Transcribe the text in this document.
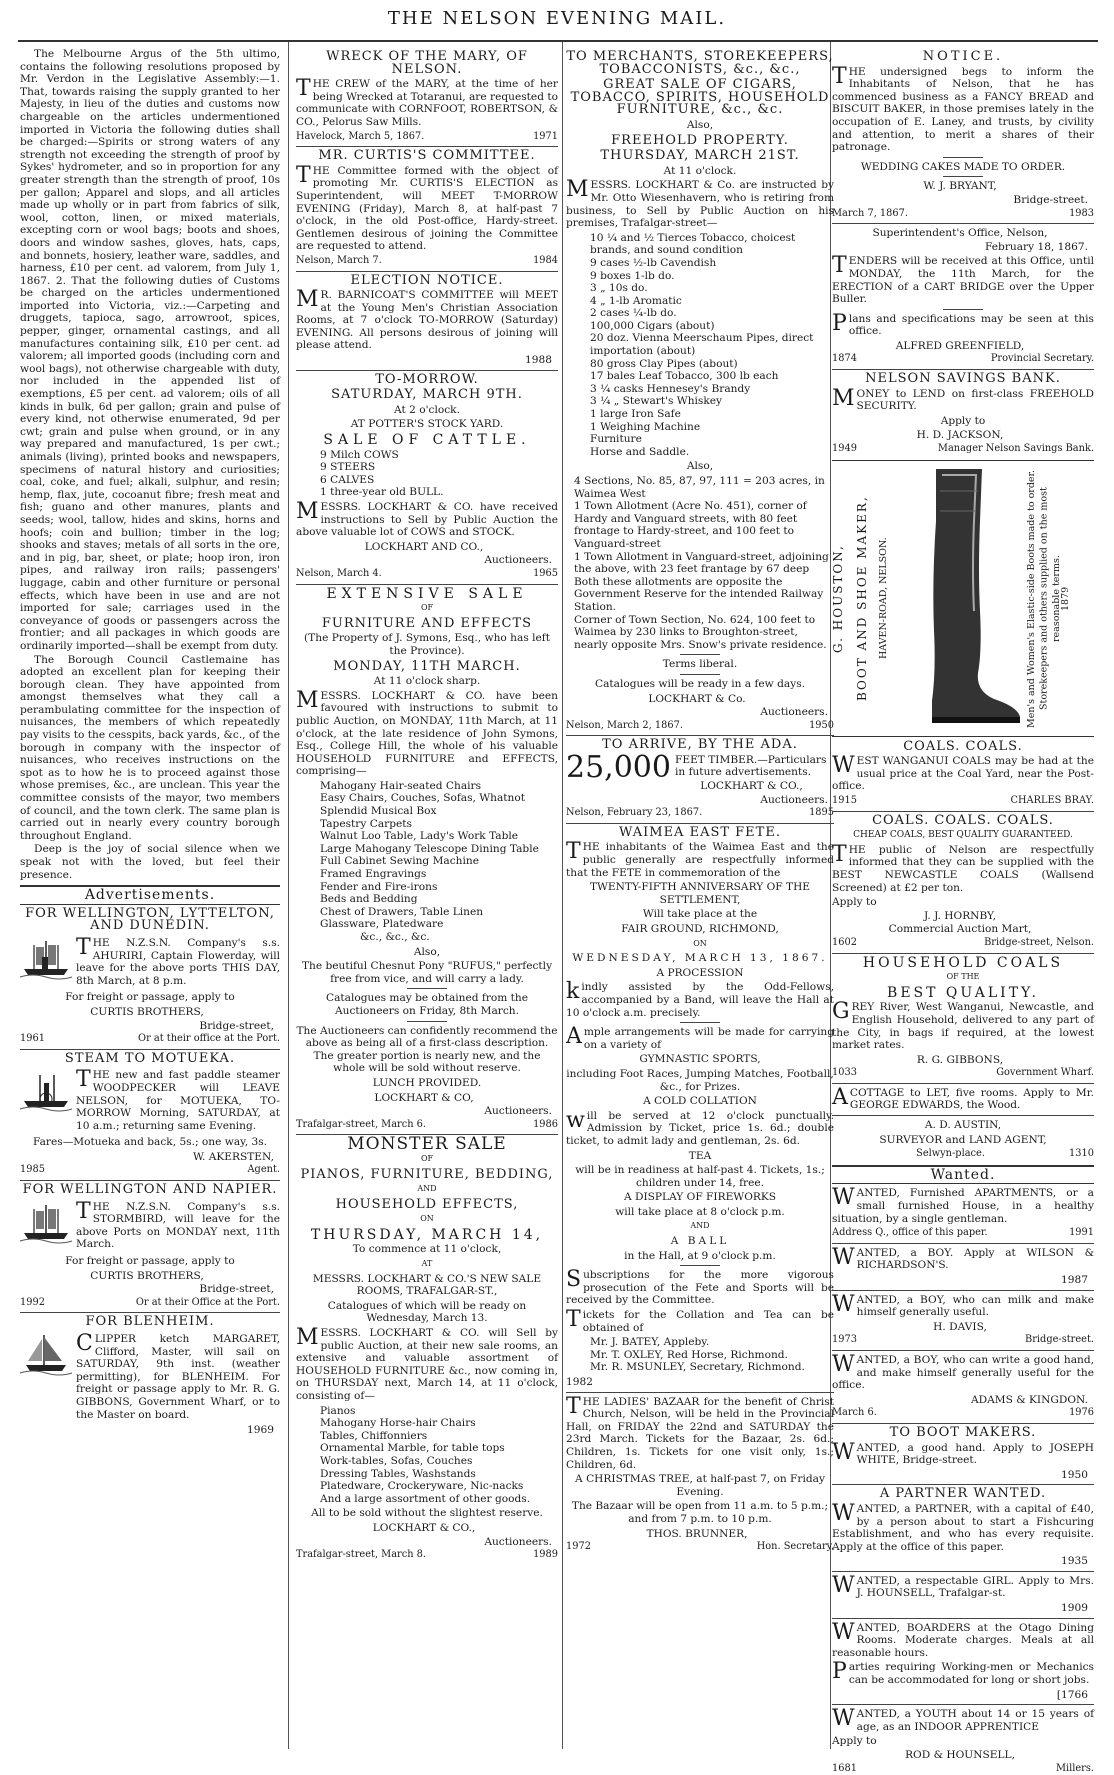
THE NELSON EVENING MAIL.

The Melbourne Argus of the 5th ultimo, contains the following resolutions proposed by Mr. Verdon in the Legislative Assembly:—1. That, towards raising the supply granted to her Majesty, in lieu of the duties and customs now chargeable on the articles undermentioned imported in Victoria the following duties shall be charged:—Spirits or strong waters of any strength not exceeding the strength of proof by Sykes' hydrometer, and so in proportion for any greater strength than the strength of proof, 10s per gallon; Apparel and slops, and all articles made up wholly or in part from fabrics of silk, wool, cotton, linen, or mixed materials, excepting corn or wool bags; boots and shoes, doors and window sashes, gloves, hats, caps, and bonnets, hosiery, leather ware, saddles, and harness, £10 per cent. ad valorem, from July 1, 1867. 2. That the following duties of Customs be charged on the articles undermentioned imported into Victoria, viz.:—Carpeting and druggets, tapioca, sago, arrowroot, spices, pepper, ginger, ornamental castings, and all manufactures containing silk, £10 per cent. ad valorem; all imported goods (including corn and wool bags), not otherwise chargeable with duty, nor included in the appended list of exemptions, £5 per cent. ad valorem; oils of all kinds in bulk, 6d per gallon; grain and pulse of every kind, not otherwise enumerated, 9d per cwt; grain and pulse when ground, or in any way prepared and manufactured, 1s per cwt.; animals (living), printed books and newspapers, specimens of natural history and curiosities; coal, coke, and fuel; alkali, sulphur, and resin; hemp, flax, jute, cocoanut fibre; fresh meat and fish; guano and other manures, plants and seeds; wool, tallow, hides and skins, horns and hoofs; coin and bullion; timber in the log; shooks and staves; metals of all sorts in the ore, and in pig, bar, sheet, or plate; hoop iron, iron pipes, and railway iron rails; passengers' luggage, cabin and other furniture or personal effects, which have been in use and are not imported for sale; carriages used in the conveyance of goods or passengers across the frontier; and all packages in which goods are ordinarily imported—shall be exempt from duty.

The Borough Council Castlemaine has adopted an excellent plan for keeping their borough clean. They have appointed from amongst themselves what they call a perambulating committee for the inspection of nuisances, the members of which repeatedly pay visits to the cesspits, back yards, &c., of the borough in company with the inspector of nuisances, who receives instructions on the spot as to how he is to proceed against those whose premises, &c., are unclean. This year the committee consists of the mayor, two members of council, and the town clerk. The same plan is carried out in nearly every country borough throughout England.

Deep is the joy of social silence when we speak not with the loved, but feel their presence.

Advertisements.
FOR WELLINGTON, LYTTELTON, AND DUNEDIN.
THE N.Z.S.N. Company's s.s. AHURIRI, Captain Flowerday, will leave for the above ports THIS DAY, 8th March, at 8 p.m.
For freight or passage, apply to
CURTIS BROTHERS,
Bridge-street,
1961	Or at their office at the Port.
STEAM TO MOTUEKA.
THE new and fast paddle steamer WOODPECKER will LEAVE NELSON, for MOTUEKA, TO-MORROW Morning, SATURDAY, at 10 a.m.; returning same Evening.
Fares—Motueka and back, 5s.; one way, 3s.
W. AKERSTEN,
1985	Agent.
FOR WELLINGTON AND NAPIER.
THE N.Z.S.N. Company's s.s. STORMBIRD, will leave for the above Ports on MONDAY next, 11th March.
For freight or passage, apply to
CURTIS BROTHERS,
Bridge-street,
1992	Or at their Office at the Port.
FOR BLENHEIM.
CLIPPER ketch MARGARET, Clifford, Master, will sail on SATURDAY, 9th inst. (weather permitting), for BLENHEIM. For freight or passage apply to Mr. R. G. GIBBONS, Government Wharf, or to the Master on board.
1969
WRECK OF THE MARY, OF NELSON.
THE CREW of the MARY, at the time of her being Wrecked at Totaranui, are requested to communicate with CORNFOOT, ROBERTSON, & CO., Pelorus Saw Mills.
Havelock, March 5, 1867.	1971
MR. CURTIS'S COMMITTEE.
THE Committee formed with the object of promoting Mr. CURTIS'S ELECTION as Superintendent, will MEET T-MORROW EVENING (Friday), March 8, at half-past 7 o'clock, in the old Post-office, Hardy-street. Gentlemen desirous of joining the Committee are requested to attend.
Nelson, March 7.	1984
ELECTION NOTICE.
MR. BARNICOAT'S COMMITTEE will MEET at the Young Men's Christian Association Rooms, at 7 o'clock TO-MORROW (Saturday) EVENING. All persons desirous of joining will please attend.
1988
TO-MORROW.
SATURDAY, MARCH 9TH.
At 2 o'clock.
AT POTTER'S STOCK YARD.
SALE OF CATTLE.
9 Milch COWS
9 STEERS
6 CALVES
1 three-year old BULL.
MESSRS. LOCKHART & CO. have received instructions to Sell by Public Auction the above valuable lot of COWS and STOCK.
LOCKHART AND CO.,
Auctioneers.
Nelson, March 4.	1965
EXTENSIVE SALE
OF
FURNITURE AND EFFECTS
(The Property of J. Symons, Esq., who has left the Province).
MONDAY, 11TH MARCH.
At 11 o'clock sharp.
MESSRS. LOCKHART & CO. have been favoured with instructions to submit to public Auction, on MONDAY, 11th March, at 11 o'clock, at the late residence of John Symons, Esq., College Hill, the whole of his valuable HOUSEHOLD FURNITURE and EFFECTS, comprising—
Mahogany Hair-seated Chairs
Easy Chairs, Couches, Sofas, Whatnot
Splendid Musical Box
Tapestry Carpets
Walnut Loo Table, Lady's Work Table
Large Mahogany Telescope Dining Table
Full Cabinet Sewing Machine
Framed Engravings
Fender and Fire-irons
Beds and Bedding
Chest of Drawers, Table Linen
Glassware, Platedware
&c., &c., &c.
Also,
The beutiful Chesnut Pony "RUFUS," perfectly free from vice, and will carry a lady.
Catalogues may be obtained from the Auctioneers on Friday, 8th March.
The Auctioneers can confidently recommend the above as being all of a first-class description. The greater portion is nearly new, and the whole will be sold without reserve.
LUNCH PROVIDED.
LOCKHART & CO,
Auctioneers.
Trafalgar-street, March 6.	1986
MONSTER SALE
OF
PIANOS, FURNITURE, BEDDING,
AND
HOUSEHOLD EFFECTS,
ON
THURSDAY, MARCH 14,
To commence at 11 o'clock,
AT
MESSRS. LOCKHART & CO.'S NEW SALE ROOMS, TRAFALGAR-ST.,
Catalogues of which will be ready on Wednesday, March 13.
MESSRS. LOCKHART & CO. will Sell by public Auction, at their new sale rooms, an extensive and valuable assortment of HOUSEHOLD FURNITURE &c., now coming in, on THURSDAY next, March 14, at 11 o'clock, consisting of—
Pianos
Mahogany Horse-hair Chairs
Tables, Chiffonniers
Ornamental Marble, for table tops
Work-tables, Sofas, Couches
Dressing Tables, Washstands
Platedware, Crockeryware, Nic-nacks
And a large assortment of other goods.
All to be sold without the slightest reserve.
LOCKHART & CO.,
Auctioneers.
Trafalgar-street, March 8.	1989
TO MERCHANTS, STOREKEEPERS, TOBACCONISTS, &c., &c.,
GREAT SALE OF CIGARS, TOBACCO, SPIRITS, HOUSEHOLD FURNITURE, &c., &c.
Also,
FREEHOLD PROPERTY.
THURSDAY, MARCH 21ST.
At 11 o'clock.
MESSRS. LOCKHART & Co. are instructed by Mr. Otto Wiesenhavern, who is retiring from business, to Sell by Public Auction on his premises, Trafalgar-street—
10 ¼ and ½ Tierces Tobacco, choicest brands, and sound condition
9 cases ½-lb Cavendish
9 boxes 1-lb do.
3 „ 10s do.
4 „ 1-lb Aromatic
2 cases ¼-lb do.
100,000 Cigars (about)
20 doz. Vienna Meerschaum Pipes, direct importation (about)
80 gross Clay Pipes (about)
17 bales Leaf Tobacco, 300 lb each
3 ¼ casks Hennesey's Brandy
3 ¼ „ Stewart's Whiskey
1 large Iron Safe
1 Weighing Machine
Furniture
Horse and Saddle.
Also,
4 Sections, No. 85, 87, 97, 111 = 203 acres, in Waimea West
1 Town Allotment (Acre No. 451), corner of Hardy and Vanguard streets, with 80 feet frontage to Hardy-street, and 100 feet to Vanguard-street
1 Town Allotment in Vanguard-street, adjoining the above, with 23 feet frantage by 67 deep
Both these allotments are opposite the Government Reserve for the intended Railway Station.
Corner of Town Section, No. 624, 100 feet to Waimea by 230 links to Broughton-street, nearly opposite Mrs. Snow's private residence.
Terms liberal.
Catalogues will be ready in a few days.
LOCKHART & Co.
Auctioneers.
Nelson, March 2, 1867.	1950
TO ARRIVE, BY THE ADA.
25,000 FEET TIMBER.—Particulars in future advertisements.
LOCKHART & CO.,
Auctioneers.
Nelson, February 23, 1867.	1895
WAIMEA EAST FETE.
THE inhabitants of the Waimea East and the public generally are respectfully informed that the FETE in commemoration of the
TWENTY-FIFTH ANNIVERSARY OF THE SETTLEMENT,
Will take place at the
FAIR GROUND, RICHMOND,
ON
WEDNESDAY, MARCH 13, 1867.
A PROCESSION
kindly assisted by the Odd-Fellows, accompanied by a Band, will leave the Hall at 10 o'clock a.m. precisely.
Ample arrangements will be made for carrying on a variety of
GYMNASTIC SPORTS,
including Foot Races, Jumping Matches, Football, &c., for Prizes.
A COLD COLLATION
will be served at 12 o'clock punctually. Admission by Ticket, price 1s. 6d.; double ticket, to admit lady and gentleman, 2s. 6d.
TEA
will be in readiness at half-past 4. Tickets, 1s.; children under 14, free.
A DISPLAY OF FIREWORKS
will take place at 8 o'clock p.m.
AND
A BALL
in the Hall, at 9 o'clock p.m.
Subscriptions for the more vigorous prosecution of the Fete and Sports will be received by the Committee.
Tickets for the Collation and Tea can be obtained of
Mr. J. BATEY, Appleby.
Mr. T. OXLEY, Red Horse, Richmond.
Mr. R. MSUNLEY, Secretary, Richmond.
1982
THE LADIES' BAZAAR for the benefit of Christ Church, Nelson, will be held in the Provincial Hall, on FRIDAY the 22nd and SATURDAY the 23rd March. Tickets for the Bazaar, 2s. 6d.; Children, 1s. Tickets for one visit only, 1s.; Children, 6d.
A CHRISTMAS TREE, at half-past 7, on Friday Evening.
The Bazaar will be open from 11 a.m. to 5 p.m.; and from 7 p.m. to 10 p.m.
THOS. BRUNNER,
1972	Hon. Secretary.
NOTICE.
THE undersigned begs to inform the Inhabitants of Nelson, that he has commenced business as a FANCY BREAD and BISCUIT BAKER, in those premises lately in the occupation of E. Laney, and trusts, by civility and attention, to merit a shares of their patronage.
WEDDING CAKES MADE TO ORDER.
W. J. BRYANT,
Bridge-street.
March 7, 1867.	1983
Superintendent's Office, Nelson,
February 18, 1867.
TENDERS will be received at this Office, until MONDAY, the 11th March, for the ERECTION of a CART BRIDGE over the Upper Buller.
Plans and specifications may be seen at this office.
ALFRED GREENFIELD,
1874	Provincial Secretary.
NELSON SAVINGS BANK.
MONEY to LEND on first-class FREEHOLD SECURITY.
Apply to
H. D. JACKSON,
1949	Manager Nelson Savings Bank.
G. HOUSTON, BOOT AND SHOE MAKER, HAVEN-ROAD, NELSON.	Men's and Women's Elastic-side Boots made to order. Storekeepers and others supplied on the most reasonable terms.
1879
COALS. COALS.
WEST WANGANUI COALS may be had at the usual price at the Coal Yard, near the Post-office.
1915	CHARLES BRAY.
COALS. COALS. COALS.
CHEAP COALS, BEST QUALITY GUARANTEED.
THE public of Nelson are respectfully informed that they can be supplied with the BEST NEWCASTLE COALS (Wallsend Screened) at £2 per ton.
Apply to
J. J. HORNBY,
Commercial Auction Mart,
1602	Bridge-street, Nelson.
HOUSEHOLD COALS
OF THE
BEST QUALITY.
GREY River, West Wanganui, Newcastle, and English Household, delivered to any part of the City, in bags if required, at the lowest market rates.
R. G. GIBBONS,
1033	Government Wharf.
ACOTTAGE to LET, five rooms. Apply to Mr. GEORGE EDWARDS, the Wood.
A. D. AUSTIN,
SURVEYOR and LAND AGENT,
Selwyn-place.	1310
Wanted.
WANTED, Furnished APARTMENTS, or a small furnished House, in a healthy situation, by a single gentleman.
Address Q., office of this paper.	1991
WANTED, a BOY. Apply at WILSON & RICHARDSON'S.
1987
WANTED, a BOY, who can milk and make himself generally useful.
H. DAVIS,
1973	Bridge-street.
WANTED, a BOY, who can write a good hand, and make himself generally useful for the office.
ADAMS & KINGDON.
March 6.	1976
TO BOOT MAKERS.
WANTED, a good hand. Apply to JOSEPH WHITE, Bridge-street.
1950
A PARTNER WANTED.
WANTED, a PARTNER, with a capital of £40, by a person about to start a Fishcuring Establishment, and who has every requisite. Apply at the office of this paper.
1935
WANTED, a respectable GIRL. Apply to Mrs. J. HOUNSELL, Trafalgar-st.
1909
WANTED, BOARDERS at the Otago Dining Rooms. Moderate charges. Meals at all reasonable hours.
Parties requiring Working-men or Mechanics can be accommodated for long or short jobs.
[1766
WANTED, a YOUTH about 14 or 15 years of age, as an INDOOR APPRENTICE
Apply to
ROD & HOUNSELL,
1681	Millers.
